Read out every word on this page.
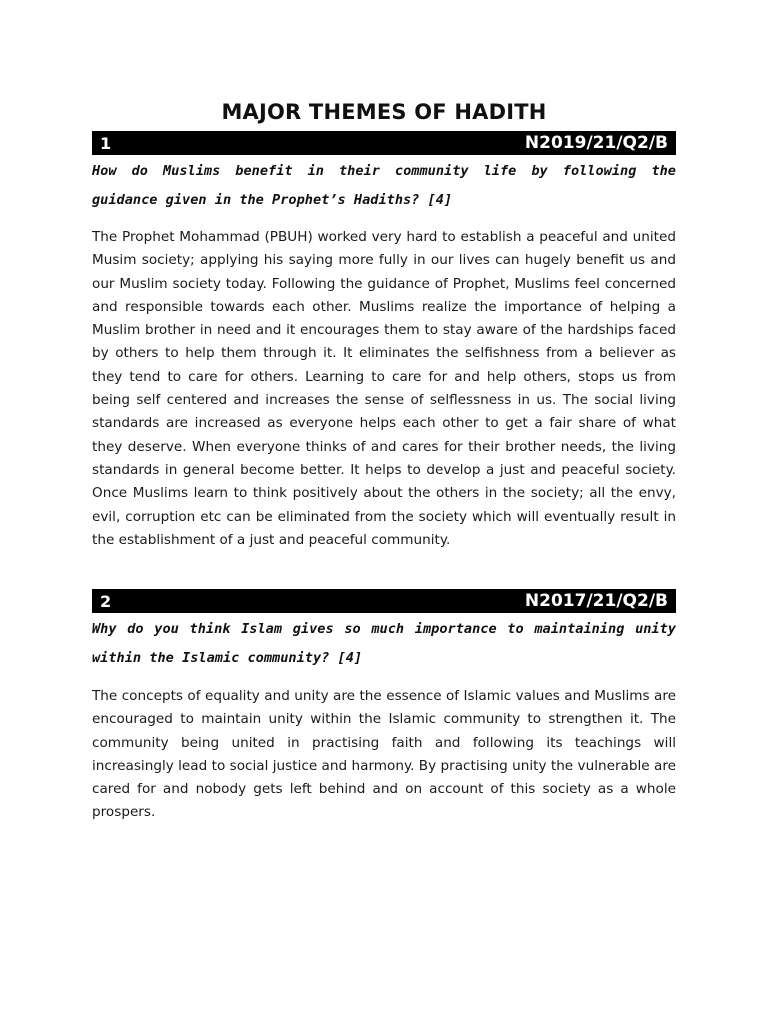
MAJOR THEMES OF HADITH
1	N2019/21/Q2/B

How do Muslims benefit in their community life by following the guidance given in the Prophet’s Hadiths? [4]

The Prophet Mohammad (PBUH) worked very hard to establish a peaceful and united Musim society; applying his saying more fully in our lives can hugely benefit us and our Muslim society today. Following the guidance of Prophet, Muslims feel concerned and responsible towards each other. Muslims realize the importance of helping a Muslim brother in need and it encourages them to stay aware of the hardships faced by others to help them through it. It eliminates the selfishness from a believer as they tend to care for others. Learning to care for and help others, stops us from being self centered and increases the sense of selflessness in us. The social living standards are increased as everyone helps each other to get a fair share of what they deserve. When everyone thinks of and cares for their brother needs, the living standards in general become better. It helps to develop a just and peaceful society. Once Muslims learn to think positively about the others in the society; all the envy, evil, corruption etc can be eliminated from the society which will eventually result in the establishment of a just and peaceful community.

2	N2017/21/Q2/B

Why do you think Islam gives so much importance to maintaining unity within the Islamic community? [4]

The concepts of equality and unity are the essence of Islamic values and Muslims are encouraged to maintain unity within the Islamic community to strengthen it. The community being united in practising faith and following its teachings will increasingly lead to social justice and harmony. By practising unity the vulnerable are cared for and nobody gets left behind and on account of this society as a whole prospers.
